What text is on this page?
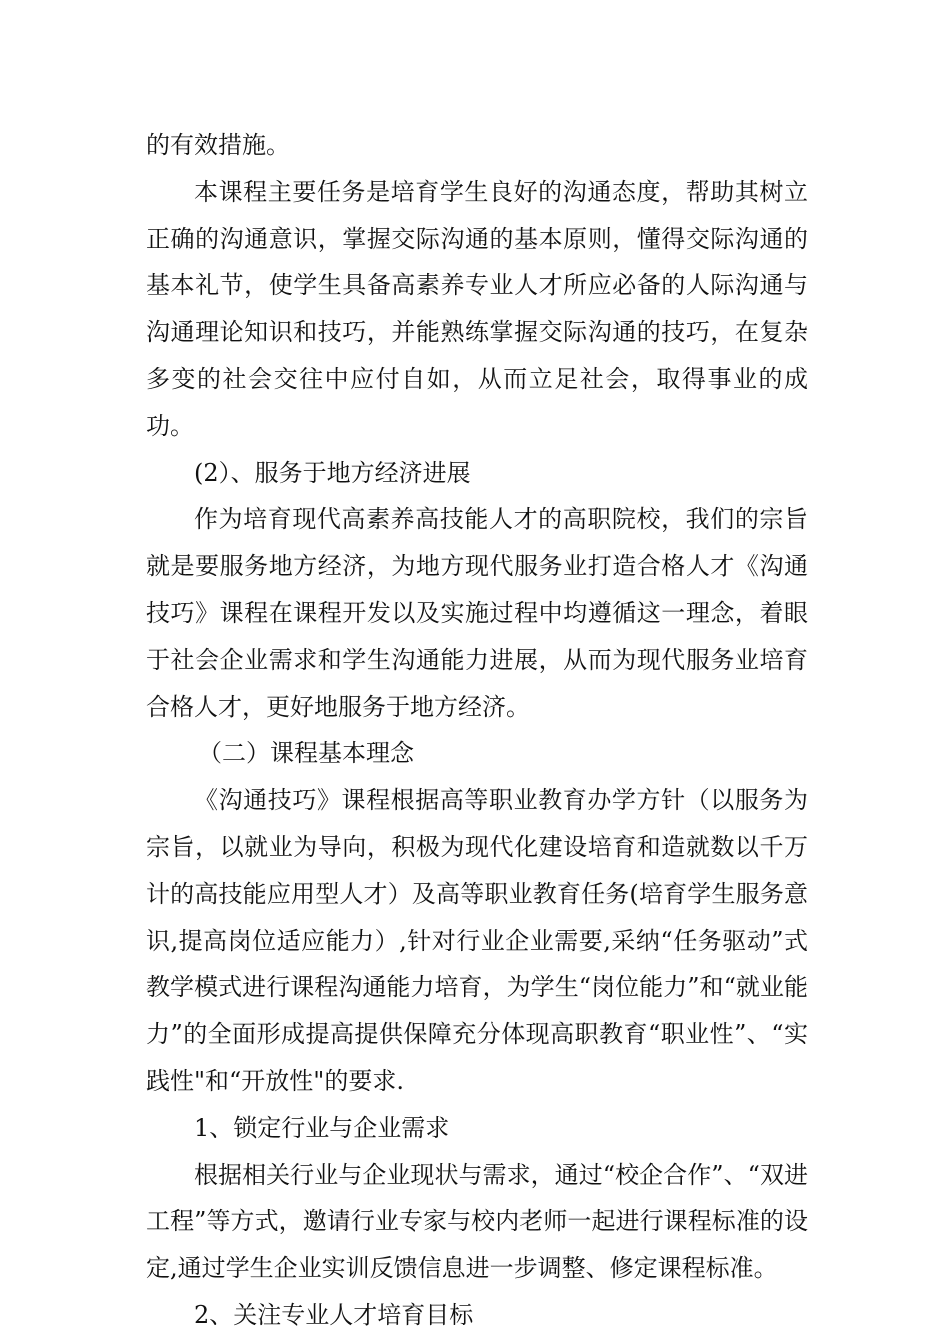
的有效措施。

本课程主要任务是培育学生良好的沟通态度，帮助其树立正确的沟通意识，掌握交际沟通的基本原则，懂得交际沟通的基本礼节，使学生具备高素养专业人才所应必备的人际沟通与沟通理论知识和技巧，并能熟练掌握交际沟通的技巧，在复杂多变的社会交往中应付自如，从而立足社会，取得事业的成功。

(2）、服务于地方经济进展

作为培育现代高素养高技能人才的高职院校，我们的宗旨就是要服务地方经济，为地方现代服务业打造合格人才《沟通技巧》课程在课程开发以及实施过程中均遵循这一理念，着眼于社会企业需求和学生沟通能力进展，从而为现代服务业培育合格人才，更好地服务于地方经济。

（二）课程基本理念

《沟通技巧》课程根据高等职业教育办学方针（以服务为宗旨，以就业为导向，积极为现代化建设培育和造就数以千万计的高技能应用型人才）及高等职业教育任务(培育学生服务意识,提高岗位适应能力）,针对行业企业需要,采纳“任务驱动”式教学模式进行课程沟通能力培育，为学生“岗位能力”和“就业能力”的全面形成提高提供保障充分体现高职教育“职业性”、“实践性"和“开放性"的要求.

1、锁定行业与企业需求

根据相关行业与企业现状与需求，通过“校企合作”、“双进工程”等方式，邀请行业专家与校内老师一起进行课程标准的设定,通过学生企业实训反馈信息进一步调整、修定课程标准。

2、关注专业人才培育目标
